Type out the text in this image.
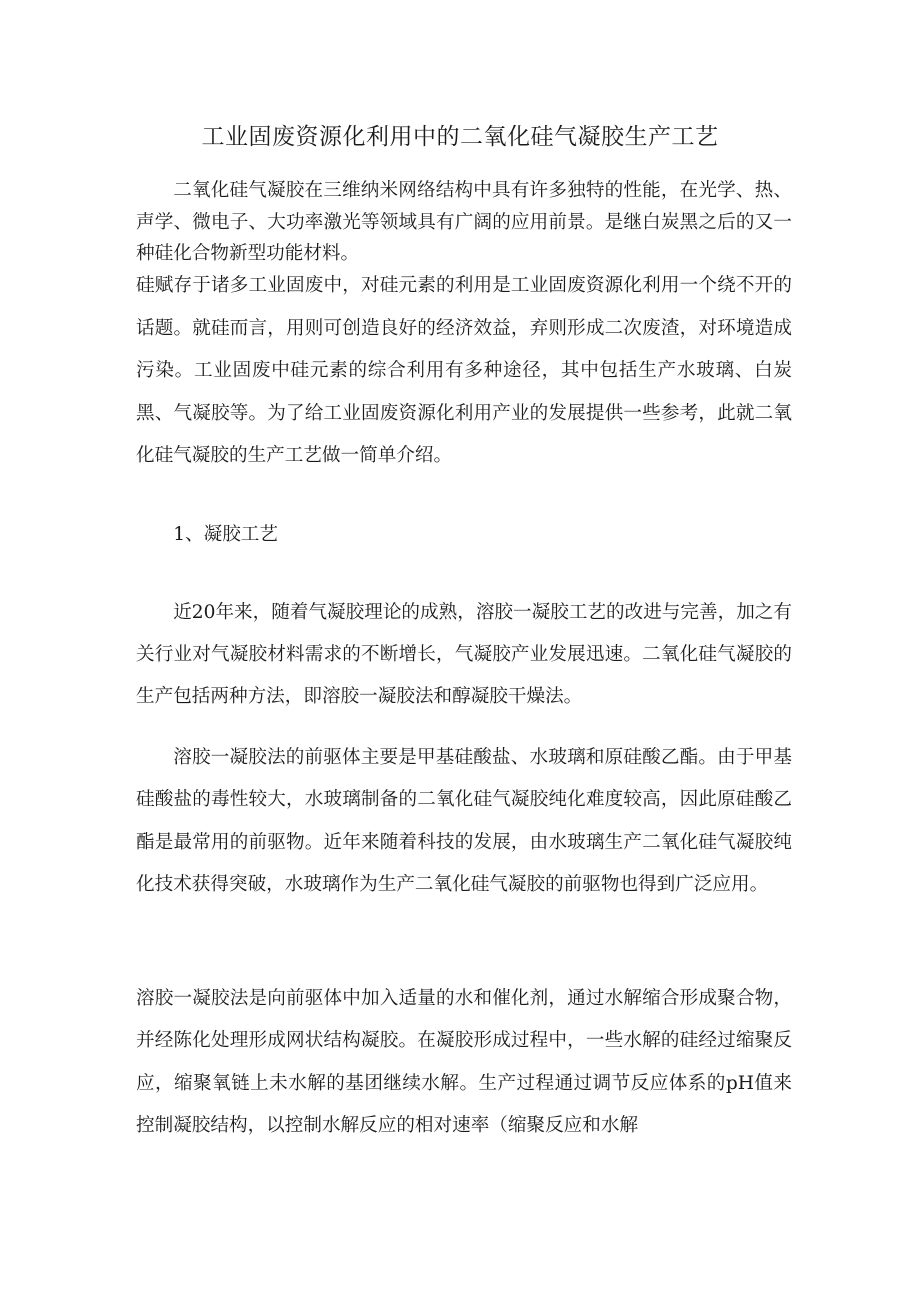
工业固废资源化利用中的二氧化硅气凝胶生产工艺

二氧化硅气凝胶在三维纳米网络结构中具有许多独特的性能，在光学、热、声学、微电子、大功率激光等领域具有广阔的应用前景。是继白炭黑之后的又一种硅化合物新型功能材料。

硅赋存于诸多工业固废中，对硅元素的利用是工业固废资源化利用一个绕不开的话题。就硅而言，用则可创造良好的经济效益，弃则形成二次废渣，对环境造成污染。工业固废中硅元素的综合利用有多种途径，其中包括生产水玻璃、白炭黑、气凝胶等。为了给工业固废资源化利用产业的发展提供一些参考，此就二氧化硅气凝胶的生产工艺做一简单介绍。

1、凝胶工艺

近20年来，随着气凝胶理论的成熟，溶胶一凝胶工艺的改进与完善，加之有关行业对气凝胶材料需求的不断增长，气凝胶产业发展迅速。二氧化硅气凝胶的生产包括两种方法，即溶胶一凝胶法和醇凝胶干燥法。

溶胶一凝胶法的前驱体主要是甲基硅酸盐、水玻璃和原硅酸乙酯。由于甲基硅酸盐的毒性较大，水玻璃制备的二氧化硅气凝胶纯化难度较高，因此原硅酸乙酯是最常用的前驱物。近年来随着科技的发展，由水玻璃生产二氧化硅气凝胶纯化技术获得突破，水玻璃作为生产二氧化硅气凝胶的前驱物也得到广泛应用。

溶胶一凝胶法是向前驱体中加入适量的水和催化剂，通过水解缩合形成聚合物，并经陈化处理形成网状结构凝胶。在凝胶形成过程中，一些水解的硅经过缩聚反应，缩聚氧链上未水解的基团继续水解。生产过程通过调节反应体系的pH值来控制凝胶结构，以控制水解反应的相对速率（缩聚反应和水解
